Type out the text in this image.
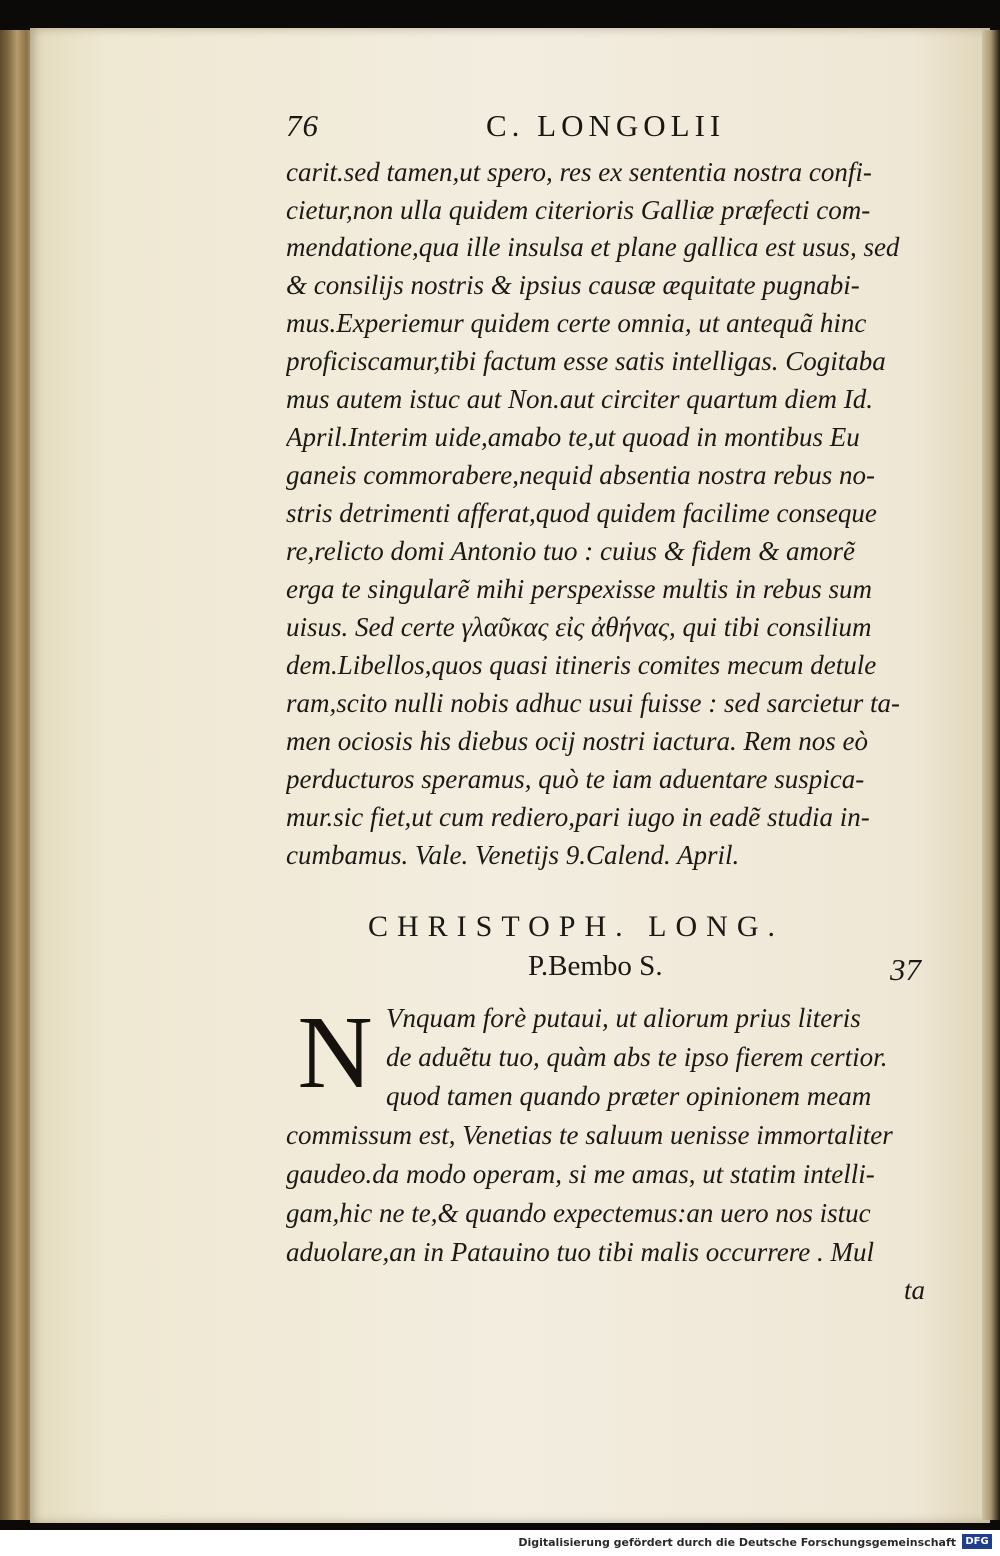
76	C. LONGOLII
carit.sed tamen,ut spero, res ex sententia nostra confi-
cietur,non ulla quidem citerioris Galliæ præfecti com-
mendatione,qua ille insulsa et plane gallica est usus, sed
& consilijs nostris & ipsius causæ æquitate pugnabi-
mus.Experiemur quidem certe omnia, ut antequã hinc
proficiscamur,tibi factum esse satis intelligas. Cogitaba
mus autem istuc aut Non.aut circiter quartum diem Id.
April.Interim uide,amabo te,ut quoad in montibus Eu
ganeis commorabere,nequid absentia nostra rebus no-
stris detrimenti afferat,quod quidem facilime conseque
re,relicto domi Antonio tuo : cuius & fidem & amorẽ
erga te singularẽ mihi perspexisse multis in rebus sum
uisus. Sed certe γλαῦκας εἰς ἀθήνας, qui tibi consilium
dem.Libellos,quos quasi itineris comites mecum detule
ram,scito nulli nobis adhuc usui fuisse : sed sarcietur ta-
men ociosis his diebus ocij nostri iactura. Rem nos eò
perducturos speramus, quò te iam aduentare suspica-
mur.sic fiet,ut cum rediero,pari iugo in eadẽ studia in-
cumbamus. Vale. Venetijs 9.Calend. April.
CHRISTOPH. LONG.
P.Bembo S.	37
N Vnquam forè putaui, ut aliorum prius literis
de aduẽtu tuo, quàm abs te ipso fierem certior.
quod tamen quando præter opinionem meam
commissum est, Venetias te saluum uenisse immortaliter
gaudeo.da modo operam, si me amas, ut statim intelli-
gam,hic ne te,& quando expectemus:an uero nos istuc
aduolare,an in Patauino tuo tibi malis occurrere . Mul
ta
Digitalisierung gefördert durch die Deutsche Forschungsgemeinschaft DFG
